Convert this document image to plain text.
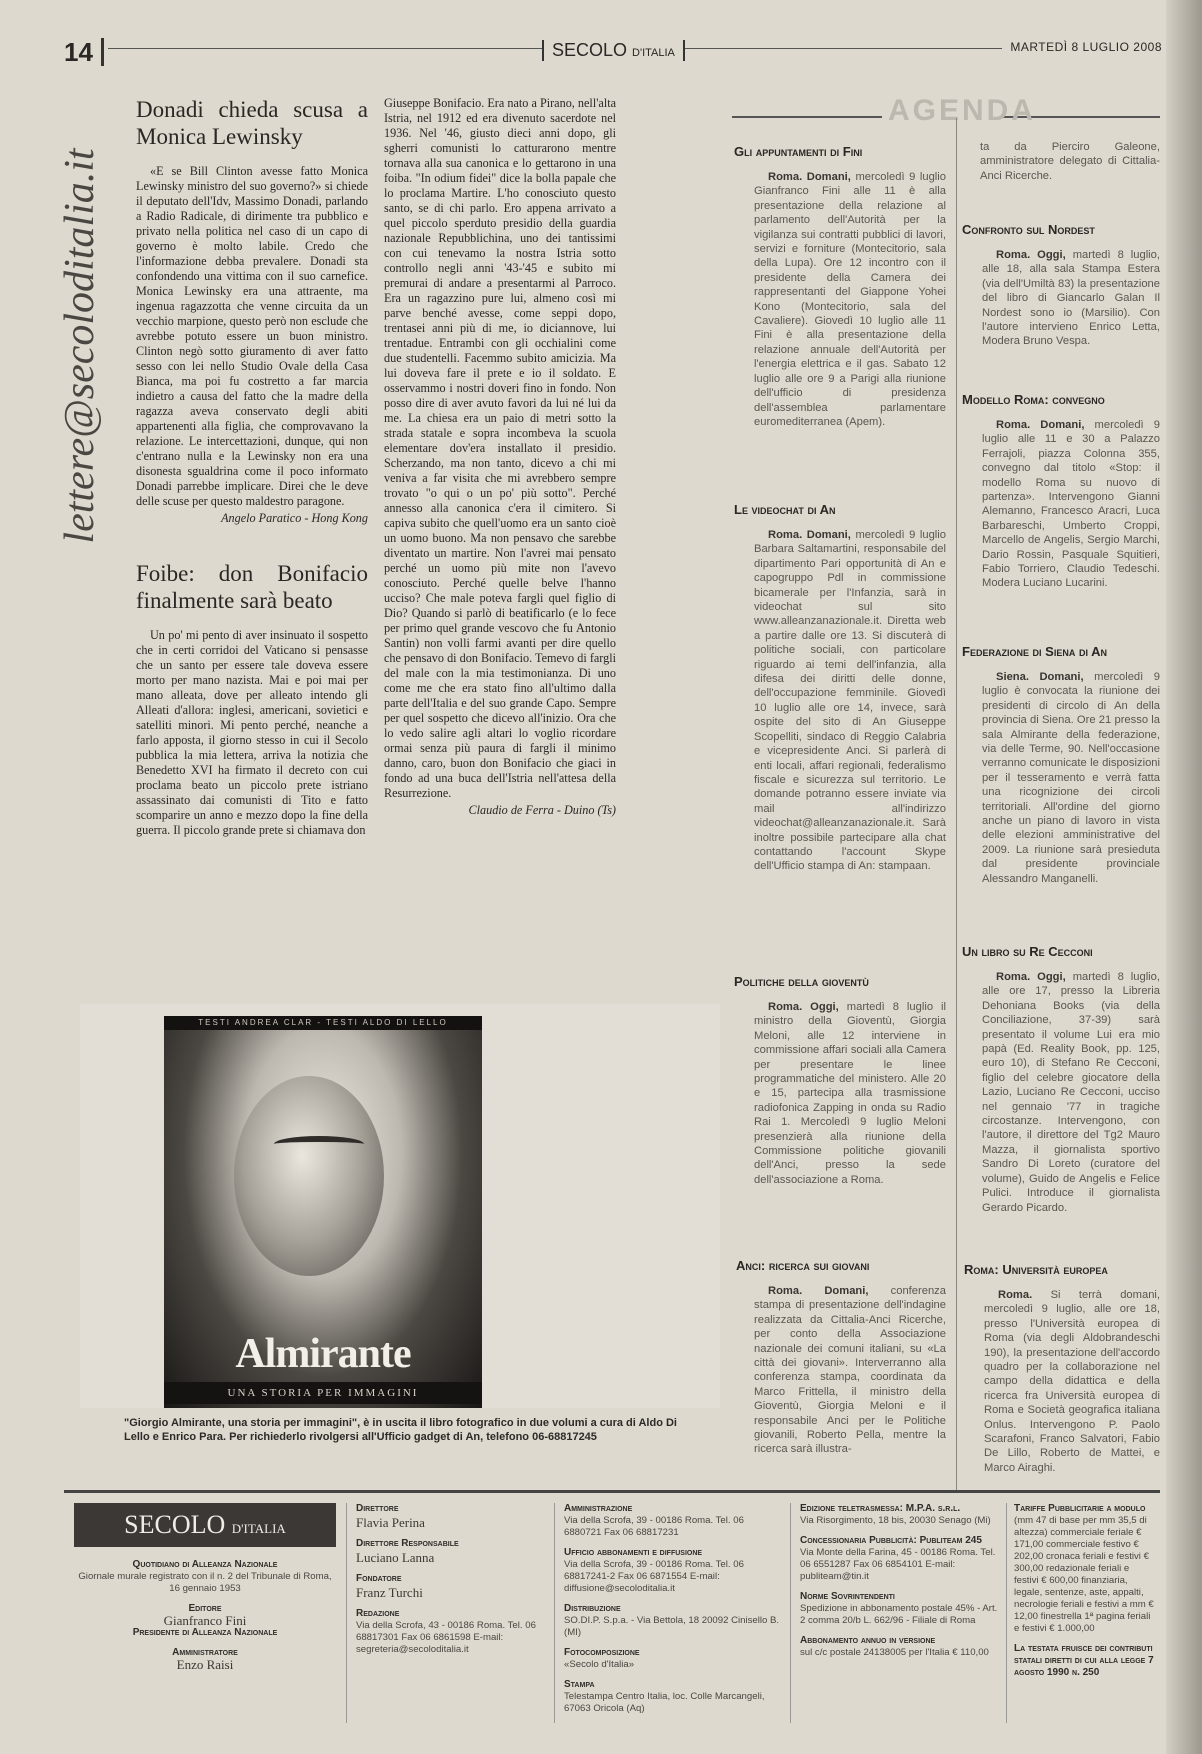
14	SECOLO D'ITALIA	MARTEDÌ 8 LUGLIO 2008
lettere@secoloditalia.it
Donadi chieda scusa a Monica Lewinsky

«E se Bill Clinton avesse fatto Monica Lewinsky ministro del suo governo?» si chiede il deputato dell'Idv, Massimo Donadi, parlando a Radio Radicale, di dirimente tra pubblico e privato nella politica nel caso di un capo di governo è molto labile. Credo che l'informazione debba prevalere. Donadi sta confondendo una vittima con il suo carnefice. Monica Lewinsky era una attraente, ma ingenua ragazzotta che venne circuita da un vecchio marpione, questo però non esclude che avrebbe potuto essere un buon ministro. Clinton negò sotto giuramento di aver fatto sesso con lei nello Studio Ovale della Casa Bianca, ma poi fu costretto a far marcia indietro a causa del fatto che la madre della ragazza aveva conservato degli abiti appartenenti alla figlia, che comprovavano la relazione. Le intercettazioni, dunque, qui non c'entrano nulla e la Lewinsky non era una disonesta sgualdrina come il poco informato Donadi parrebbe implicare. Direi che le deve delle scuse per questo maldestro paragone.

Angelo Paratico - Hong Kong
Foibe: don Bonifacio finalmente sarà beato

Un po' mi pento di aver insinuato il sospetto che in certi corridoi del Vaticano si pensasse che un santo per essere tale doveva essere morto per mano nazista. Mai e poi mai per mano alleata, dove per alleato intendo gli Alleati d'allora: inglesi, americani, sovietici e satelliti minori. Mi pento perché, neanche a farlo apposta, il giorno stesso in cui il Secolo pubblica la mia lettera, arriva la notizia che Benedetto XVI ha firmato il decreto con cui proclama beato un piccolo prete istriano assassinato dai comunisti di Tito e fatto scomparire un anno e mezzo dopo la fine della guerra. Il piccolo grande prete si chiamava don

Giuseppe Bonifacio. Era nato a Pirano, nell'alta Istria, nel 1912 ed era divenuto sacerdote nel 1936. Nel '46, giusto dieci anni dopo, gli sgherri comunisti lo catturarono mentre tornava alla sua canonica e lo gettarono in una foiba. "In odium fidei" dice la bolla papale che lo proclama Martire. L'ho conosciuto questo santo, se di chi parlo. Ero appena arrivato a quel piccolo sperduto presidio della guardia nazionale Repubblichina, uno dei tantissimi con cui tenevamo la nostra Istria sotto controllo negli anni '43-'45 e subito mi premurai di andare a presentarmi al Parroco. Era un ragazzino pure lui, almeno così mi parve benché avesse, come seppi dopo, trentasei anni più di me, io diciannove, lui trentadue. Entrambi con gli occhialini come due studentelli. Facemmo subito amicizia. Ma lui doveva fare il prete e io il soldato. E osservammo i nostri doveri fino in fondo. Non posso dire di aver avuto favori da lui né lui da me. La chiesa era un paio di metri sotto la strada statale e sopra incombeva la scuola elementare dov'era installato il presidio. Scherzando, ma non tanto, dicevo a chi mi veniva a far visita che mi avrebbero sempre trovato "o qui o un po' più sotto". Perché annesso alla canonica c'era il cimitero. Si capiva subito che quell'uomo era un santo cioè un uomo buono. Ma non pensavo che sarebbe diventato un martire. Non l'avrei mai pensato perché un uomo più mite non l'avevo conosciuto. Perché quelle belve l'hanno ucciso? Che male poteva fargli quel figlio di Dio? Quando si parlò di beatificarlo (e lo fece per primo quel grande vescovo che fu Antonio Santin) non volli farmi avanti per dire quello che pensavo di don Bonifacio. Temevo di fargli del male con la mia testimonianza. Di uno come me che era stato fino all'ultimo dalla parte dell'Italia e del suo grande Capo. Sempre per quel sospetto che dicevo all'inizio. Ora che lo vedo salire agli altari lo voglio ricordare ormai senza più paura di fargli il minimo danno, caro, buon don Bonifacio che giaci in fondo ad una buca dell'Istria nell'attesa della Resurrezione.

Claudio de Ferra - Duino (Ts)
TESTI ANDREA CLAR - TESTI ALDO DI LELLO
Almirante
UNA STORIA PER IMMAGINI
"Giorgio Almirante, una storia per immagini", è in uscita il libro fotografico in due volumi a cura di Aldo Di Lello e Enrico Para. Per richiederlo rivolgersi all'Ufficio gadget di An, telefono 06-68817245
AGENDA
Gli appuntamenti di Fini

Roma. Domani, mercoledì 9 luglio Gianfranco Fini alle 11 è alla presentazione della relazione al parlamento dell'Autorità per la vigilanza sui contratti pubblici di lavori, servizi e forniture (Montecitorio, sala della Lupa). Ore 12 incontro con il presidente della Camera dei rappresentanti del Giappone Yohei Kono (Montecitorio, sala del Cavaliere). Giovedì 10 luglio alle 11 Fini è alla presentazione della relazione annuale dell'Autorità per l'energia elettrica e il gas. Sabato 12 luglio alle ore 9 a Parigi alla riunione dell'ufficio di presidenza dell'assemblea parlamentare euromediterranea (Apem).

Le videochat di An

Roma. Domani, mercoledì 9 luglio Barbara Saltamartini, responsabile del dipartimento Pari opportunità di An e capogruppo Pdl in commissione bicamerale per l'Infanzia, sarà in videochat sul sito www.alleanzanazionale.it. Diretta web a partire dalle ore 13. Si discuterà di politiche sociali, con particolare riguardo ai temi dell'infanzia, alla difesa dei diritti delle donne, dell'occupazione femminile. Giovedì 10 luglio alle ore 14, invece, sarà ospite del sito di An Giuseppe Scopelliti, sindaco di Reggio Calabria e vicepresidente Anci. Si parlerà di enti locali, affari regionali, federalismo fiscale e sicurezza sul territorio. Le domande potranno essere inviate via mail all'indirizzo videochat@alleanzanazionale.it. Sarà inoltre possibile partecipare alla chat contattando l'account Skype dell'Ufficio stampa di An: stampaan.

Politiche della gioventù

Roma. Oggi, martedì 8 luglio il ministro della Gioventù, Giorgia Meloni, alle 12 interviene in commissione affari sociali alla Camera per presentare le linee programmatiche del ministero. Alle 20 e 15, partecipa alla trasmissione radiofonica Zapping in onda su Radio Rai 1. Mercoledì 9 luglio Meloni presenzierà alla riunione della Commissione politiche giovanili dell'Anci, presso la sede dell'associazione a Roma.

Anci: ricerca sui giovani

Roma. Domani, conferenza stampa di presentazione dell'indagine realizzata da Cittalia-Anci Ricerche, per conto della Associazione nazionale dei comuni italiani, su «La città dei giovani». Interverranno alla conferenza stampa, coordinata da Marco Frittella, il ministro della Gioventù, Giorgia Meloni e il responsabile Anci per le Politiche giovanili, Roberto Pella, mentre la ricerca sarà illustra-

ta da Pierciro Galeone, amministratore delegato di Cittalia-Anci Ricerche.

Confronto sul Nordest

Roma. Oggi, martedì 8 luglio, alle 18, alla sala Stampa Estera (via dell'Umiltà 83) la presentazione del libro di Giancarlo Galan Il Nordest sono io (Marsilio). Con l'autore intervieno Enrico Letta, Modera Bruno Vespa.

Modello Roma: convegno

Roma. Domani, mercoledì 9 luglio alle 11 e 30 a Palazzo Ferrajoli, piazza Colonna 355, convegno dal titolo «Stop: il modello Roma su nuovo di partenza». Intervengono Gianni Alemanno, Francesco Aracri, Luca Barbareschi, Umberto Croppi, Marcello de Angelis, Sergio Marchi, Dario Rossin, Pasquale Squitieri, Fabio Torriero, Claudio Tedeschi. Modera Luciano Lucarini.

Federazione di Siena di An

Siena. Domani, mercoledì 9 luglio è convocata la riunione dei presidenti di circolo di An della provincia di Siena. Ore 21 presso la sala Almirante della federazione, via delle Terme, 90. Nell'occasione verranno comunicate le disposizioni per il tesseramento e verrà fatta una ricognizione dei circoli territoriali. All'ordine del giorno anche un piano di lavoro in vista delle elezioni amministrative del 2009. La riunione sarà presieduta dal presidente provinciale Alessandro Manganelli.

Un libro su Re Cecconi

Roma. Oggi, martedì 8 luglio, alle ore 17, presso la Libreria Dehoniana Books (via della Conciliazione, 37-39) sarà presentato il volume Lui era mio papà (Ed. Reality Book, pp. 125, euro 10), di Stefano Re Cecconi, figlio del celebre giocatore della Lazio, Luciano Re Cecconi, ucciso nel gennaio '77 in tragiche circostanze. Intervengono, con l'autore, il direttore del Tg2 Mauro Mazza, il giornalista sportivo Sandro Di Loreto (curatore del volume), Guido de Angelis e Felice Pulici. Introduce il giornalista Gerardo Picardo.

Roma: Università europea

Roma. Si terrà domani, mercoledì 9 luglio, alle ore 18, presso l'Università europea di Roma (via degli Aldobrandeschi 190), la presentazione dell'accordo quadro per la collaborazione nel campo della didattica e della ricerca fra Università europea di Roma e Società geografica italiana Onlus. Intervengono P. Paolo Scarafoni, Franco Salvatori, Fabio De Lillo, Roberto de Mattei, e Marco Airaghi.

SECOLO D'ITALIA
Quotidiano di Alleanza Nazionale
Giornale murale registrato con il n. 2 del Tribunale di Roma, 16 gennaio 1953
Editore
Gianfranco Fini
Presidente di Alleanza Nazionale
Amministratore
Enzo Raisi
Direttore
Flavia Perina
Direttore Responsabile
Luciano Lanna
Fondatore
Franz Turchi
Redazione
Via della Scrofa, 43 - 00186 Roma. Tel. 06 68817301 Fax 06 6861598 E-mail: segreteria@secoloditalia.it
Amministrazione
Via della Scrofa, 39 - 00186 Roma. Tel. 06 6880721 Fax 06 68817231
Ufficio abbonamenti e diffusione
Via della Scrofa, 39 - 00186 Roma. Tel. 06 68817241-2 Fax 06 6871554 E-mail: diffusione@secoloditalia.it
Distribuzione
SO.DI.P. S.p.a. - Via Bettola, 18 20092 Cinisello B. (MI)
Fotocomposizione
«Secolo d'Italia»
Stampa
Telestampa Centro Italia, loc. Colle Marcangeli, 67063 Oricola (Aq)
Edizione teletrasmessa: M.P.A. s.r.l.
Via Risorgimento, 18 bis, 20030 Senago (Mi)
Concessionaria Pubblicità: Publiteam 245
Via Monte della Farina, 45 - 00186 Roma. Tel. 06 6551287 Fax 06 6854101 E-mail: publiteam@tin.it
Norme Sovrintendenti
Spedizione in abbonamento postale 45% - Art. 2 comma 20/b L. 662/96 - Filiale di Roma
Abbonamento annuo in versione
sul c/c postale 24138005 per l'Italia € 110,00
Tariffe Pubblicitarie a modulo
(mm 47 di base per mm 35,5 di altezza) commerciale feriale € 171,00 commerciale festivo € 202,00 cronaca feriali e festivi € 300,00 redazionale feriali e festivi € 600,00 finanziaria, legale, sentenze, aste, appalti, necrologie feriali e festivi a mm € 12,00 finestrella 1ª pagina feriali e festivi € 1.000,00
La testata fruisce dei contributi statali diretti di cui alla legge 7 agosto 1990 n. 250
